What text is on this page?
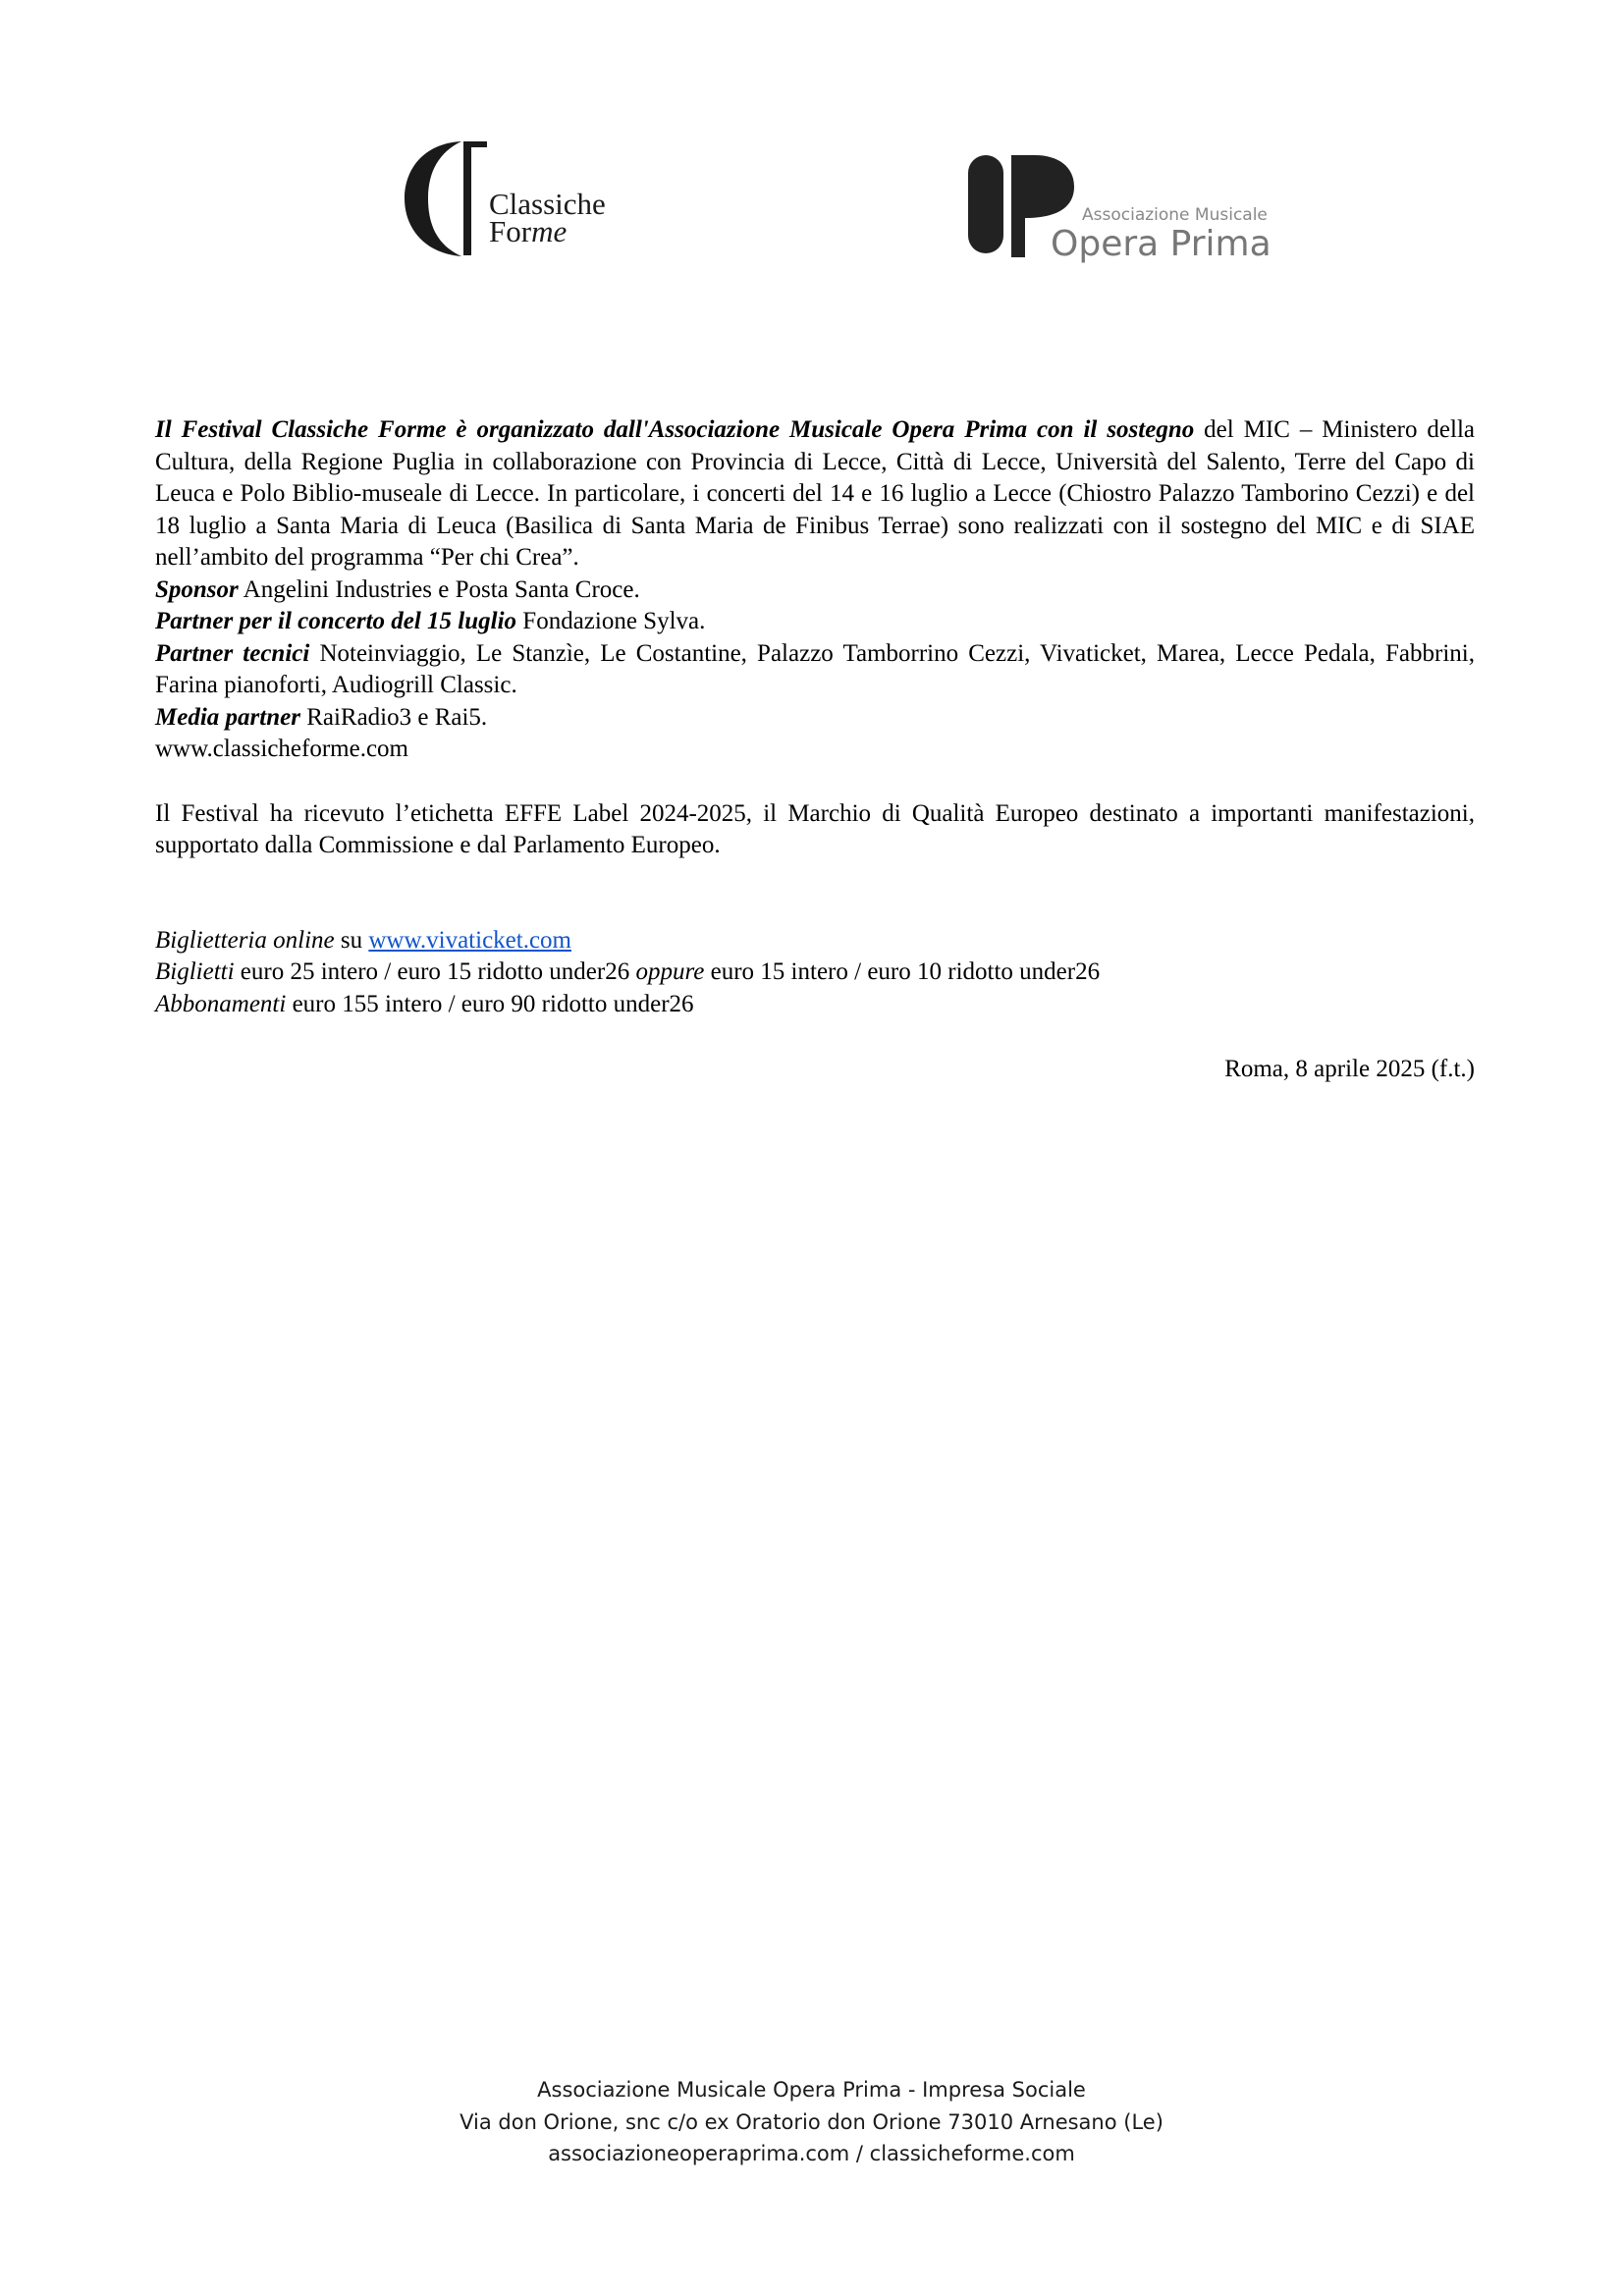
Classiche
Forme	Associazione Musicale
Opera Prima

Il Festival Classiche Forme è organizzato dall'Associazione Musicale Opera Prima con il sostegno del MIC – Ministero della Cultura, della Regione Puglia in collaborazione con Provincia di Lecce, Città di Lecce, Università del Salento, Terre del Capo di Leuca e Polo Biblio-museale di Lecce. In particolare, i concerti del 14 e 16 luglio a Lecce (Chiostro Palazzo Tamborino Cezzi) e del 18 luglio a Santa Maria di Leuca (Basilica di Santa Maria de Finibus Terrae) sono realizzati con il sostegno del MIC e di SIAE nell’ambito del programma “Per chi Crea”.

Sponsor Angelini Industries e Posta Santa Croce.

Partner per il concerto del 15 luglio Fondazione Sylva.

Partner tecnici Noteinviaggio, Le Stanzìe, Le Costantine, Palazzo Tamborrino Cezzi, Vivaticket, Marea, Lecce Pedala, Fabbrini, Farina pianoforti, Audiogrill Classic.

Media partner RaiRadio3 e Rai5.

www.classicheforme.com

Il Festival ha ricevuto l’etichetta EFFE Label 2024-2025, il Marchio di Qualità Europeo destinato a importanti manifestazioni, supportato dalla Commissione e dal Parlamento Europeo.

Biglietteria online su www.vivaticket.com

Biglietti euro 25 intero / euro 15 ridotto under26 oppure euro 15 intero / euro 10 ridotto under26

Abbonamenti euro 155 intero / euro 90 ridotto under26

Roma, 8 aprile 2025 (f.t.)

Associazione Musicale Opera Prima - Impresa Sociale
Via don Orione, snc c/o ex Oratorio don Orione 73010 Arnesano (Le)
associazioneoperaprima.com / classicheforme.com
